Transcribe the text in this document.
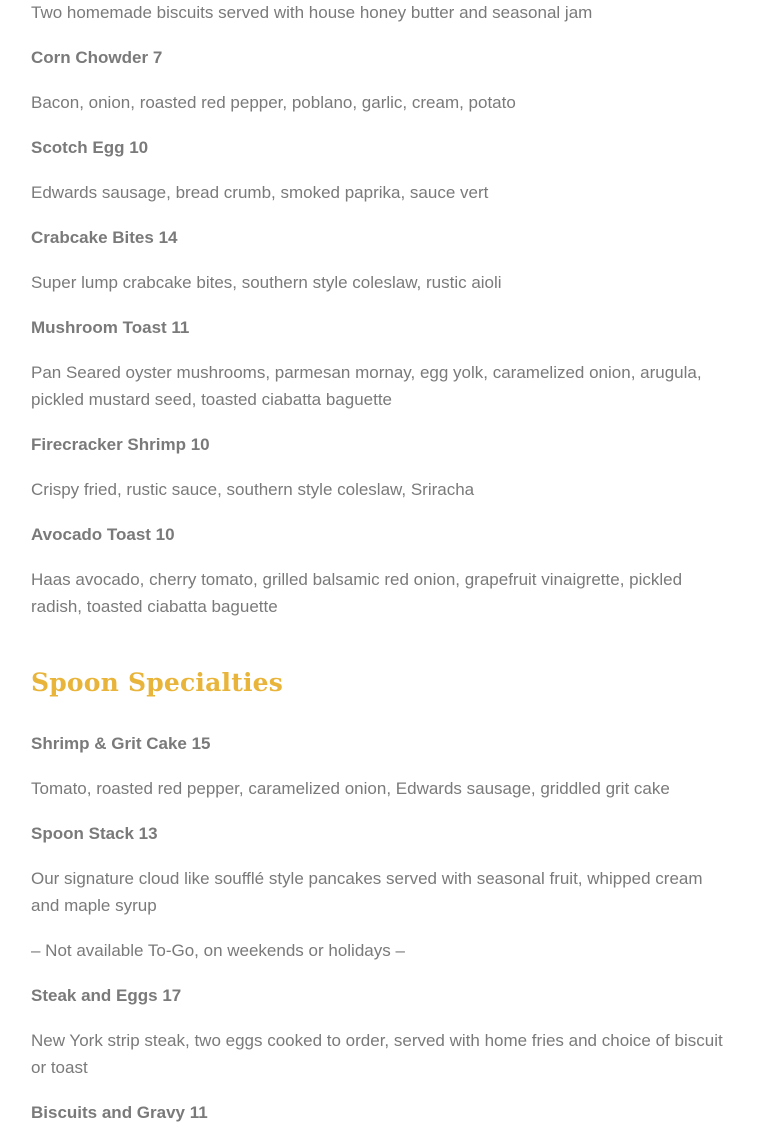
Two homemade biscuits served with house honey butter and seasonal jam

Corn Chowder 7

Bacon, onion, roasted red pepper, poblano, garlic, cream, potato

Scotch Egg 10

Edwards sausage, bread crumb, smoked paprika, sauce vert

Crabcake Bites 14

Super lump crabcake bites, southern style coleslaw, rustic aioli

Mushroom Toast 11

Pan Seared oyster mushrooms, parmesan mornay, egg yolk, caramelized onion, arugula, pickled mustard seed, toasted ciabatta baguette

Firecracker Shrimp 10

Crispy fried, rustic sauce, southern style coleslaw, Sriracha

Avocado Toast 10

Haas avocado, cherry tomato, grilled balsamic red onion, grapefruit vinaigrette, pickled radish, toasted ciabatta baguette

Spoon Specialties

Shrimp & Grit Cake 15

Tomato, roasted red pepper, caramelized onion, Edwards sausage, griddled grit cake

Spoon Stack 13

Our signature cloud like soufflé style pancakes served with seasonal fruit, whipped cream and maple syrup

– Not available To-Go, on weekends or holidays –

Steak and Eggs 17

New York strip steak, two eggs cooked to order, served with home fries and choice of biscuit or toast

Biscuits and Gravy 11
